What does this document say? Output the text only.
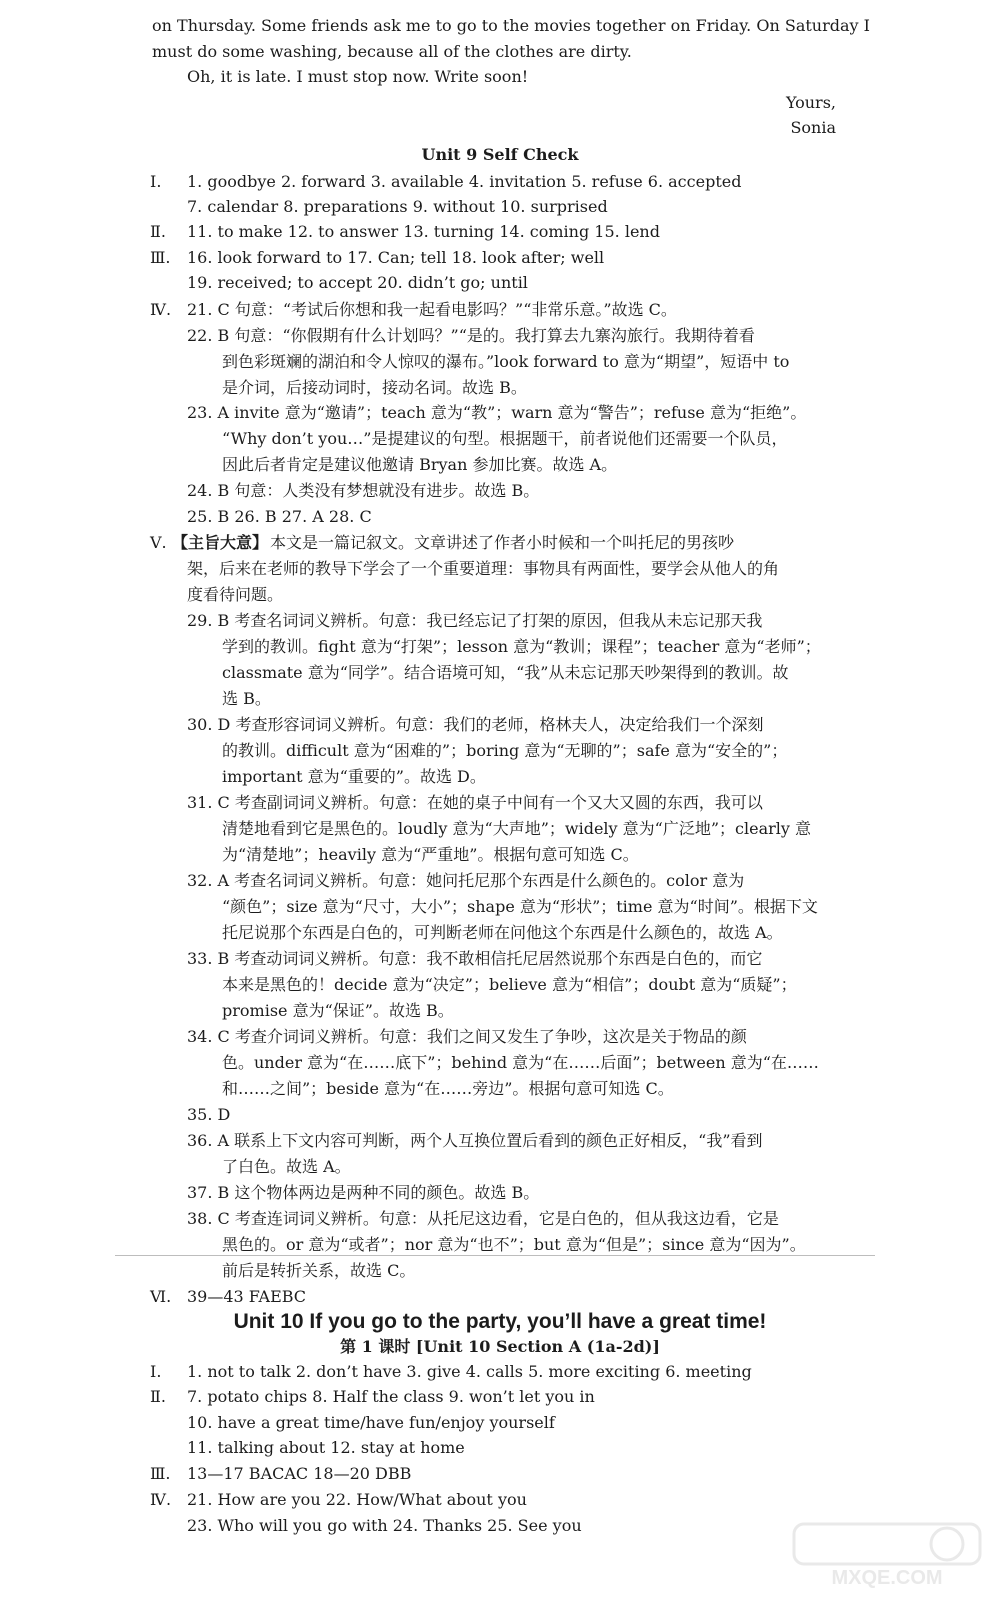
on Thursday. Some friends ask me to go to the movies together on Friday. On Saturday I
must do some washing, because all of the clothes are dirty.
Oh, it is late. I must stop now. Write soon!
Yours,
Sonia
Unit 9 Self Check
Ⅰ. 1. goodbye 2. forward 3. available 4. invitation 5. refuse 6. accepted
7. calendar 8. preparations 9. without 10. surprised
Ⅱ. 11. to make 12. to answer 13. turning 14. coming 15. lend
Ⅲ. 16. look forward to 17. Can; tell 18. look after; well
19. received; to accept 20. didn’t go; until
Ⅳ. 21. C 句意：“考试后你想和我一起看电影吗？”“非常乐意。”故选 C。
22. B 句意：“你假期有什么计划吗？”“是的。我打算去九寨沟旅行。我期待着看
到色彩斑斓的湖泊和令人惊叹的瀑布。”look forward to 意为“期望”，短语中 to
是介词，后接动词时，接动名词。故选 B。
23. A invite 意为“邀请”；teach 意为“教”；warn 意为“警告”；refuse 意为“拒绝”。
“Why don’t you…”是提建议的句型。根据题干，前者说他们还需要一个队员，
因此后者肯定是建议他邀请 Bryan 参加比赛。故选 A。
24. B 句意：人类没有梦想就没有进步。故选 B。
25. B 26. B 27. A 28. C
Ⅴ. 【主旨大意】 本文是一篇记叙文。文章讲述了作者小时候和一个叫托尼的男孩吵
架，后来在老师的教导下学会了一个重要道理：事物具有两面性，要学会从他人的角
度看待问题。
29. B 考查名词词义辨析。句意：我已经忘记了打架的原因，但我从未忘记那天我
学到的教训。fight 意为“打架”；lesson 意为“教训；课程”；teacher 意为“老师”；
classmate 意为“同学”。结合语境可知，“我”从未忘记那天吵架得到的教训。故
选 B。
30. D 考查形容词词义辨析。句意：我们的老师，格林夫人，决定给我们一个深刻
的教训。difficult 意为“困难的”；boring 意为“无聊的”；safe 意为“安全的”；
important 意为“重要的”。故选 D。
31. C 考查副词词义辨析。句意：在她的桌子中间有一个又大又圆的东西，我可以
清楚地看到它是黑色的。loudly 意为“大声地”；widely 意为“广泛地”；clearly 意
为“清楚地”；heavily 意为“严重地”。根据句意可知选 C。
32. A 考查名词词义辨析。句意：她问托尼那个东西是什么颜色的。color 意为
“颜色”；size 意为“尺寸，大小”；shape 意为“形状”；time 意为“时间”。根据下文
托尼说那个东西是白色的，可判断老师在问他这个东西是什么颜色的，故选 A。
33. B 考查动词词义辨析。句意：我不敢相信托尼居然说那个东西是白色的，而它
本来是黑色的！decide 意为“决定”；believe 意为“相信”；doubt 意为“质疑”；
promise 意为“保证”。故选 B。
34. C 考查介词词义辨析。句意：我们之间又发生了争吵，这次是关于物品的颜
色。under 意为“在……底下”；behind 意为“在……后面”；between 意为“在……
和……之间”；beside 意为“在……旁边”。根据句意可知选 C。
35. D
36. A 联系上下文内容可判断，两个人互换位置后看到的颜色正好相反，“我”看到
了白色。故选 A。
37. B 这个物体两边是两种不同的颜色。故选 B。
38. C 考查连词词义辨析。句意：从托尼这边看，它是白色的，但从我这边看，它是
黑色的。or 意为“或者”；nor 意为“也不”；but 意为“但是”；since 意为“因为”。
前后是转折关系，故选 C。
Ⅵ. 39—43 FAEBC
Unit 10 If you go to the party, you’ll have a great time!
第 1 课时 [Unit 10 Section A (1a-2d)]
Ⅰ. 1. not to talk 2. don’t have 3. give 4. calls 5. more exciting 6. meeting
Ⅱ. 7. potato chips 8. Half the class 9. won’t let you in
10. have a great time/have fun/enjoy yourself
11. talking about 12. stay at home
Ⅲ. 13—17 BACAC 18—20 DBB
Ⅳ. 21. How are you 22. How/What about you
23. Who will you go with 24. Thanks 25. See you
MXQE.COM
